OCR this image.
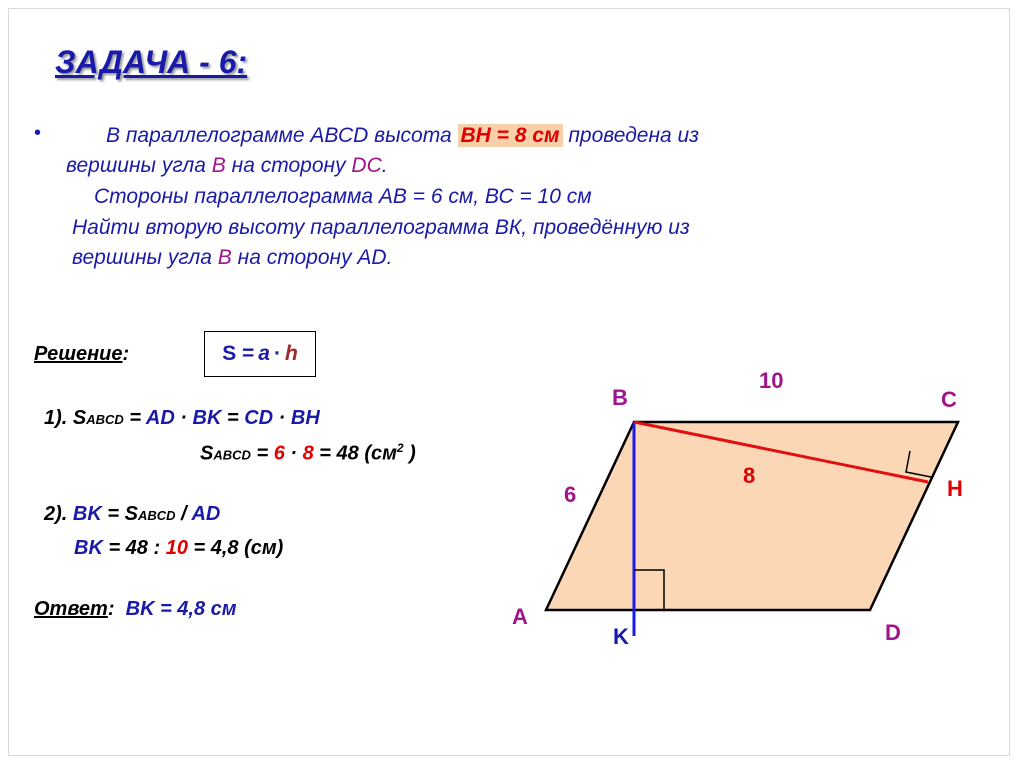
ЗАДАЧА - 6:
•	В параллелограмме АВСD высота ВН = 8 см проведена из
вершины угла В на сторону DC.
Стороны параллелограмма АВ = 6 см, ВС = 10 см
Найти вторую высоту параллелограмма ВК, проведённую из
вершины угла В на сторону AD.
Решение:	S = a · h
1). SABCD = AD · BK = CD · BH
SABCD = 6 · 8 = 48 ($см^2$ )
2). BK = SABCD / AD
BK = 48 : 10 = 4,8 (см)
Ответ: BK = 4,8 см
B	C
A
D
H
K
10
6
8
